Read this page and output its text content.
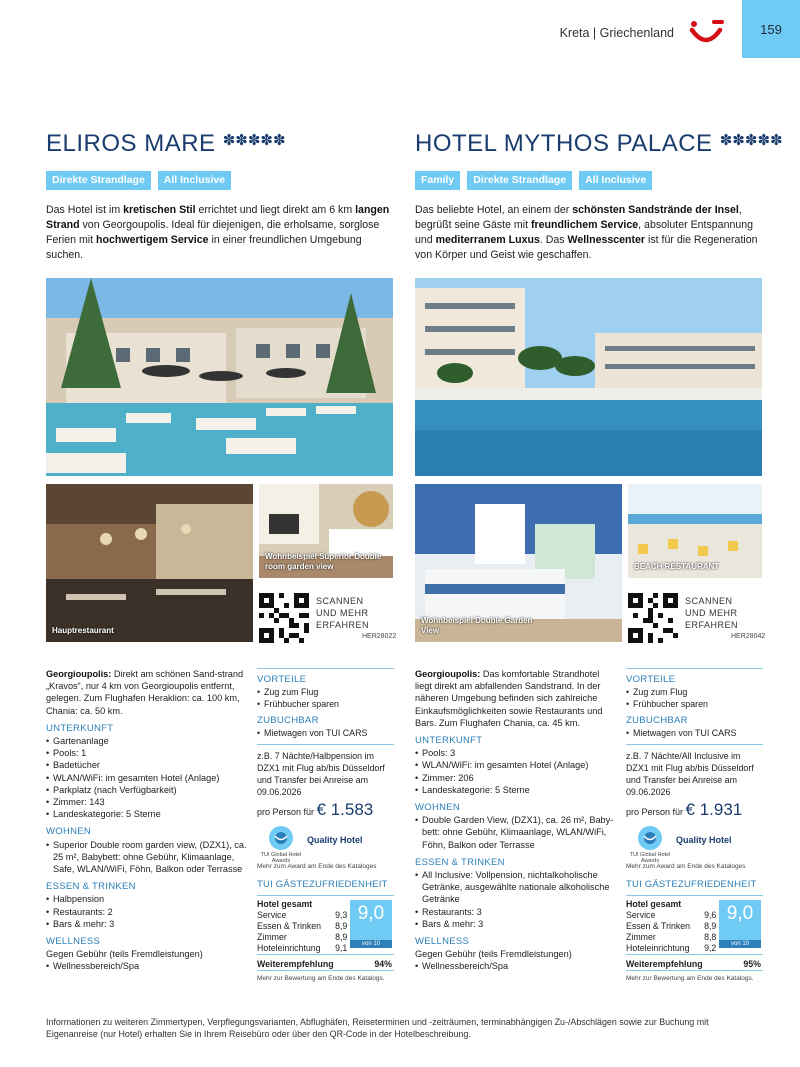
Kreta | Griechenland	159
ELIROS MARE ✽✽✽✽✽
Direkte Strandlage	All Inclusive
Das Hotel ist im kretischen Stil errichtet und liegt direkt am 6 km langen Strand von Georgoupolis. Ideal für diejenigen, die erholsame, sorglose Ferien mit hochwertigem Service in einer freundlichen Umgebung suchen.
Hauptrestaurant
Wohnbeispiel Superior Double room garden view
SCANNEN UND MEHR ERFAHREN
HER28022

Georgioupolis: Direkt am schönen Sand-strand „Kravos“, nur 4 km von Georgioupolis entfernt, gelegen. Zum Flughafen Heraklion: ca. 100 km, Chania: ca. 50 km.

UNTERKUNFT
• Gartenanlage
• Pools: 1
• Badetücher
• WLAN/WiFi: im gesamten Hotel (Anlage)
• Parkplatz (nach Verfügbarkeit)
• Zimmer: 143
• Landeskategorie: 5 Sterne
WOHNEN
• Superior Double room garden view, (DZX1), ca. 25 m², Babybett: ohne Gebühr, Klimaanlage, Safe, WLAN/WiFi, Föhn, Balkon oder Terrasse
ESSEN & TRINKEN
• Halbpension
• Restaurants: 2
• Bars & mehr: 3
WELLNESS
Gegen Gebühr (teils Fremdleistungen)
• Wellnessbereich/Spa
VORTEILE
• Zug zum Flug
• Frühbucher sparen
ZUBUCHBAR
• Mietwagen von TUI CARS
z.B. 7 Nächte/Halbpension im DZX1 mit Flug ab/bis Düsseldorf und Transfer bei Anreise am 09.06.2026
pro Person für € 1.583
Quality Hotel
TUI Global Hotel Awards
Mehr zum Award am Ende des Kataloges
TUI GÄSTEZUFRIEDENHEIT
Hotel gesamt	
Service	9,3
Essen & Trinken	8,9
Zimmer	8,9
Hoteleinrichtung	9,1
9,0
von 10
Weiterempfehlung	94%
Mehr zur Bewertung am Ende des Katalogs.
HOTEL MYTHOS PALACE ✽✽✽✽✽
Family	Direkte Strandlage	All Inclusive
Das beliebte Hotel, an einem der schönsten Sandstrände der Insel, begrüßt seine Gäste mit freundlichem Service, absoluter Entspannung und mediterranem Luxus. Das Wellnesscenter ist für die Regeneration von Körper und Geist wie geschaffen.
Wohnbeispiel Double Garden View
BEACH RESTAURANT
SCANNEN UND MEHR ERFAHREN
HER28042

Georgioupolis: Das komfortable Strandhotel liegt direkt am abfallenden Sandstrand. In der näheren Umgebung befinden sich zahlreiche Einkaufsmöglichkeiten sowie Restaurants und Bars. Zum Flughafen Chania, ca. 45 km.

UNTERKUNFT
• Pools: 3
• WLAN/WiFi: im gesamten Hotel (Anlage)
• Zimmer: 206
• Landeskategorie: 5 Sterne
WOHNEN
• Double Garden View, (DZX1), ca. 26 m², Baby-bett: ohne Gebühr, Klimaanlage, WLAN/WiFi, Föhn, Balkon oder Terrasse
ESSEN & TRINKEN
• All Inclusive: Vollpension, nichtalkoholische Getränke, ausgewählte nationale alkoholische Getränke
• Restaurants: 3
• Bars & mehr: 3
WELLNESS
Gegen Gebühr (teils Fremdleistungen)
• Wellnessbereich/Spa
VORTEILE
• Zug zum Flug
• Frühbucher sparen
ZUBUCHBAR
• Mietwagen von TUI CARS
z.B. 7 Nächte/All Inclusive im DZX1 mit Flug ab/bis Düsseldorf und Transfer bei Anreise am 09.06.2026
pro Person für € 1.931
Quality Hotel
TUI Global Hotel Awards
Mehr zum Award am Ende des Kataloges
TUI GÄSTEZUFRIEDENHEIT
Hotel gesamt	
Service	9,6
Essen & Trinken	8,9
Zimmer	8,8
Hoteleinrichtung	9,2
9,0
von 10
Weiterempfehlung	95%
Mehr zur Bewertung am Ende des Katalogs.
Informationen zu weiteren Zimmertypen, Verpflegungsvarianten, Abflughäfen, Reiseterminen und -zeiträumen, terminabhängigen Zu-/Abschlägen sowie zur Buchung mit Eigenanreise (nur Hotel) erhalten Sie in Ihrem Reisebüro oder über den QR-Code in der Hotelbeschreibung.
